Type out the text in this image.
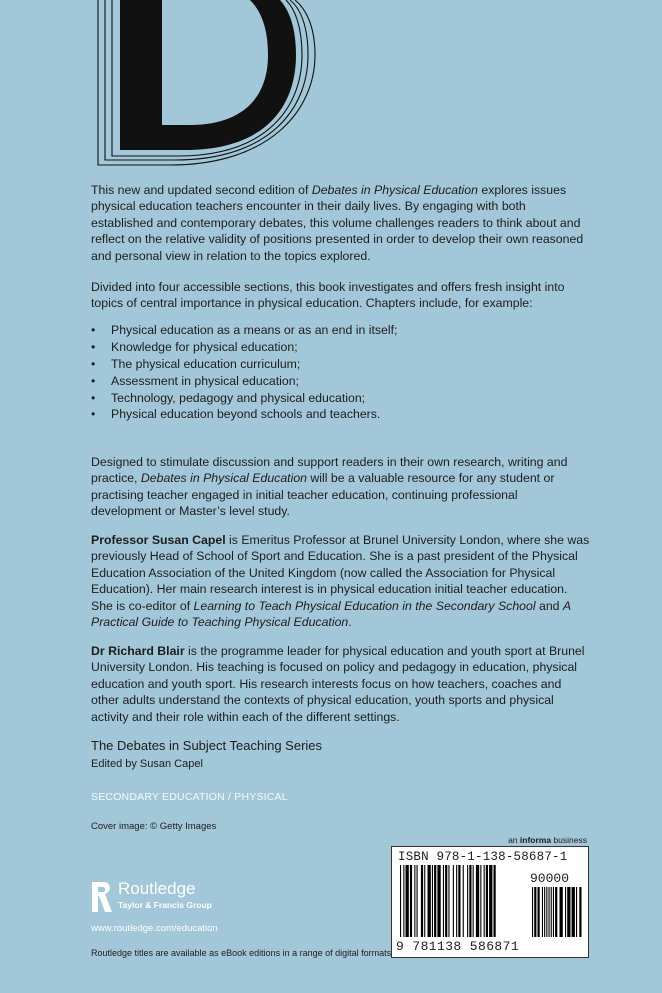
This new and updated second edition of Debates in Physical Education explores issues physical education teachers encounter in their daily lives. By engaging with both established and contemporary debates, this volume challenges readers to think about and reflect on the relative validity of positions presented in order to develop their own reasoned and personal view in relation to the topics explored.

Divided into four accessible sections, this book investigates and offers fresh insight into topics of central importance in physical education. Chapters include, for example:

• Physical education as a means or as an end in itself;
• Knowledge for physical education;
• The physical education curriculum;
• Assessment in physical education;
• Technology, pedagogy and physical education;
• Physical education beyond schools and teachers.

Designed to stimulate discussion and support readers in their own research, writing and practice, Debates in Physical Education will be a valuable resource for any student or practising teacher engaged in initial teacher education, continuing professional development or Master’s level study.

Professor Susan Capel is Emeritus Professor at Brunel University London, where she was previously Head of School of Sport and Education. She is a past president of the Physical Education Association of the United Kingdom (now called the Association for Physical Education). Her main research interest is in physical education initial teacher education. She is co-editor of Learning to Teach Physical Education in the Secondary School and A Practical Guide to Teaching Physical Education.

Dr Richard Blair is the programme leader for physical education and youth sport at Brunel University London. His teaching is focused on policy and pedagogy in education, physical education and youth sport. His research interests focus on how teachers, coaches and other adults understand the contexts of physical education, youth sports and physical activity and their role within each of the different settings.

The Debates in Subject Teaching Series
Edited by Susan Capel
SECONDARY EDUCATION / PHYSICAL
Cover image: © Getty Images
an informa business
ISBN 978-1-138-58687-1
90000
9 781138 586871
Routledge
Taylor & Francis Group
www.routledge.com/education
Routledge titles are available as eBook editions in a range of digital formats
